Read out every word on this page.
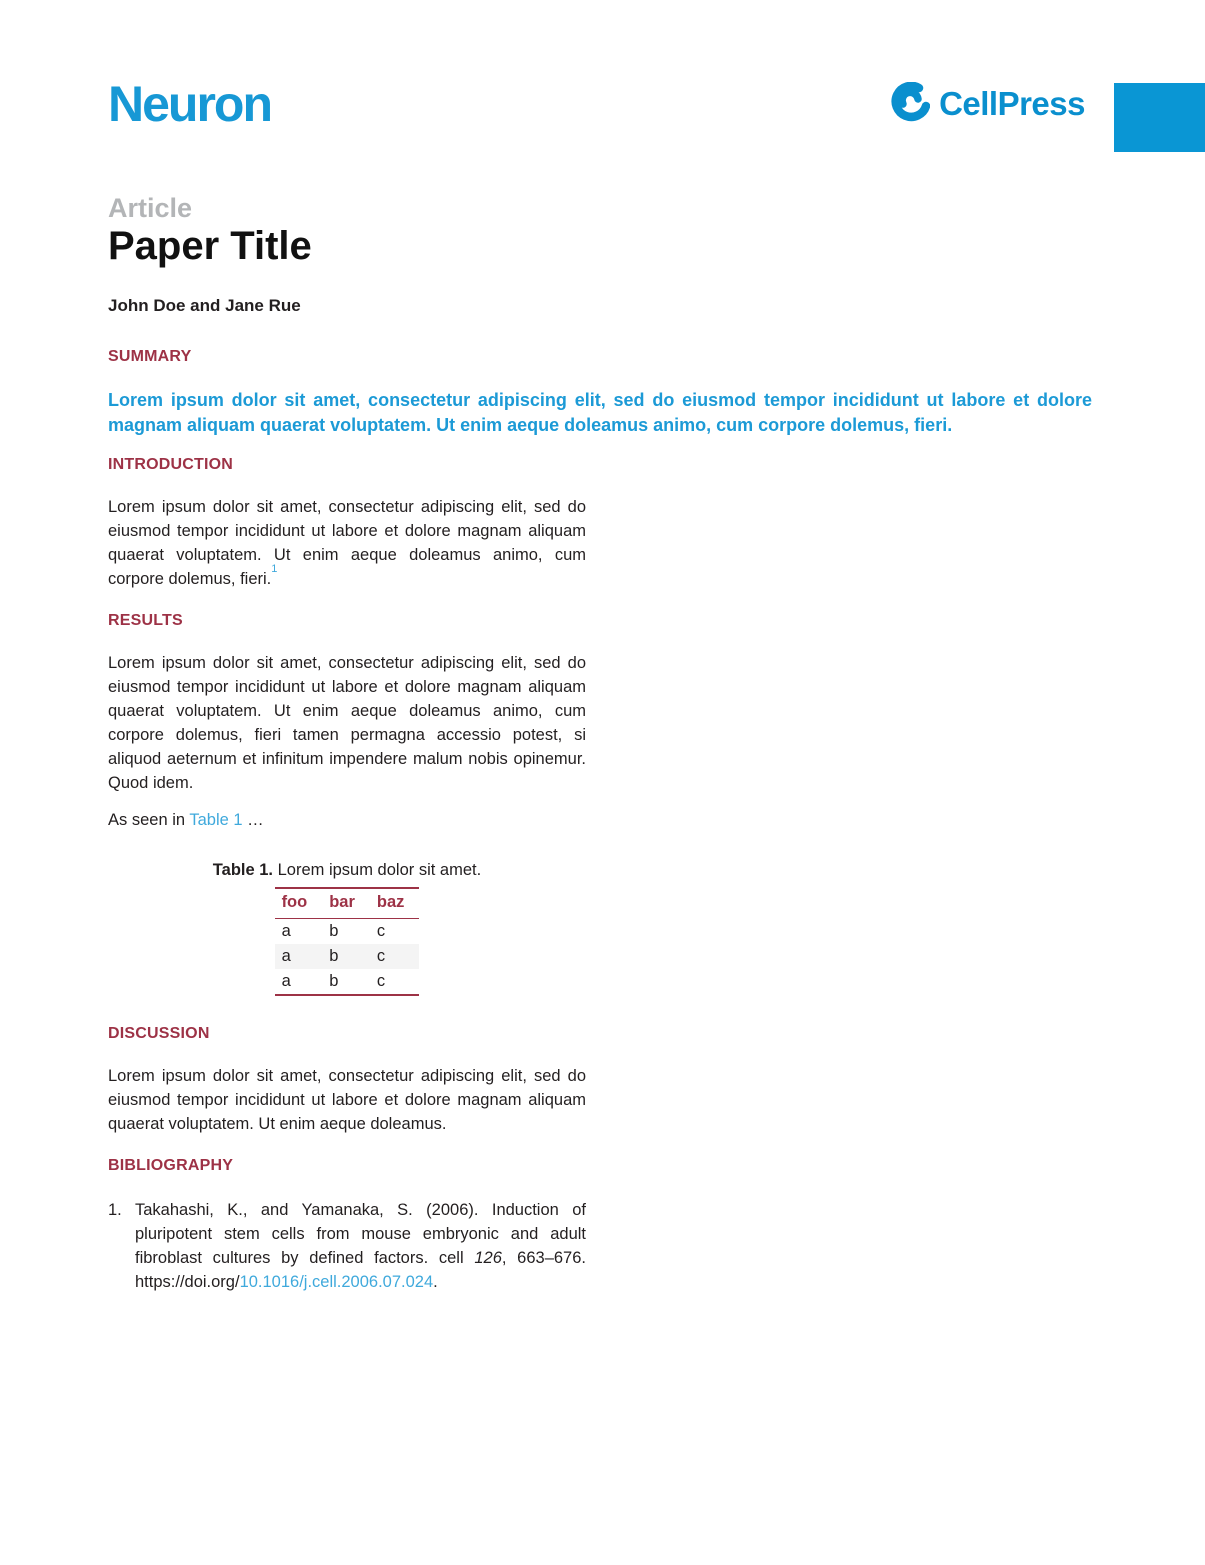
Neuron	CellPress
Article
Paper Title
John Doe and Jane Rue
SUMMARY

Lorem ipsum dolor sit amet, consectetur adipiscing elit, sed do eiusmod tempor incididunt ut labore et dolore magnam aliquam quaerat voluptatem. Ut enim aeque doleamus animo, cum corpore dolemus, fieri.

INTRODUCTION

Lorem ipsum dolor sit amet, consectetur adipiscing elit, sed do eiusmod tempor incididunt ut labore et dolore magnam aliquam quaerat voluptatem. Ut enim aeque doleamus animo, cum corpore dolemus, fieri.$^1$

RESULTS

Lorem ipsum dolor sit amet, consectetur adipiscing elit, sed do eiusmod tempor incididunt ut labore et dolore magnam aliquam quaerat voluptatem. Ut enim aeque doleamus animo, cum corpore dolemus, fieri tamen permagna accessio potest, si aliquod aeternum et infinitum impendere malum nobis opinemur. Quod idem.

As seen in Table 1 …

Table 1. Lorem ipsum dolor sit amet.
foo	bar	baz
a	b	c
a	b	c
a	b	c
DISCUSSION

Lorem ipsum dolor sit amet, consectetur adipiscing elit, sed do eiusmod tempor incididunt ut labore et dolore magnam aliquam quaerat voluptatem. Ut enim aeque doleamus.

BIBLIOGRAPHY
1. Takahashi, K., and Yamanaka, S. (2006). Induction of pluripotent stem cells from mouse embryonic and adult fibroblast cultures by defined factors. cell 126, 663–676. https://doi.org/10.1016/j.cell.2006.07.024.
